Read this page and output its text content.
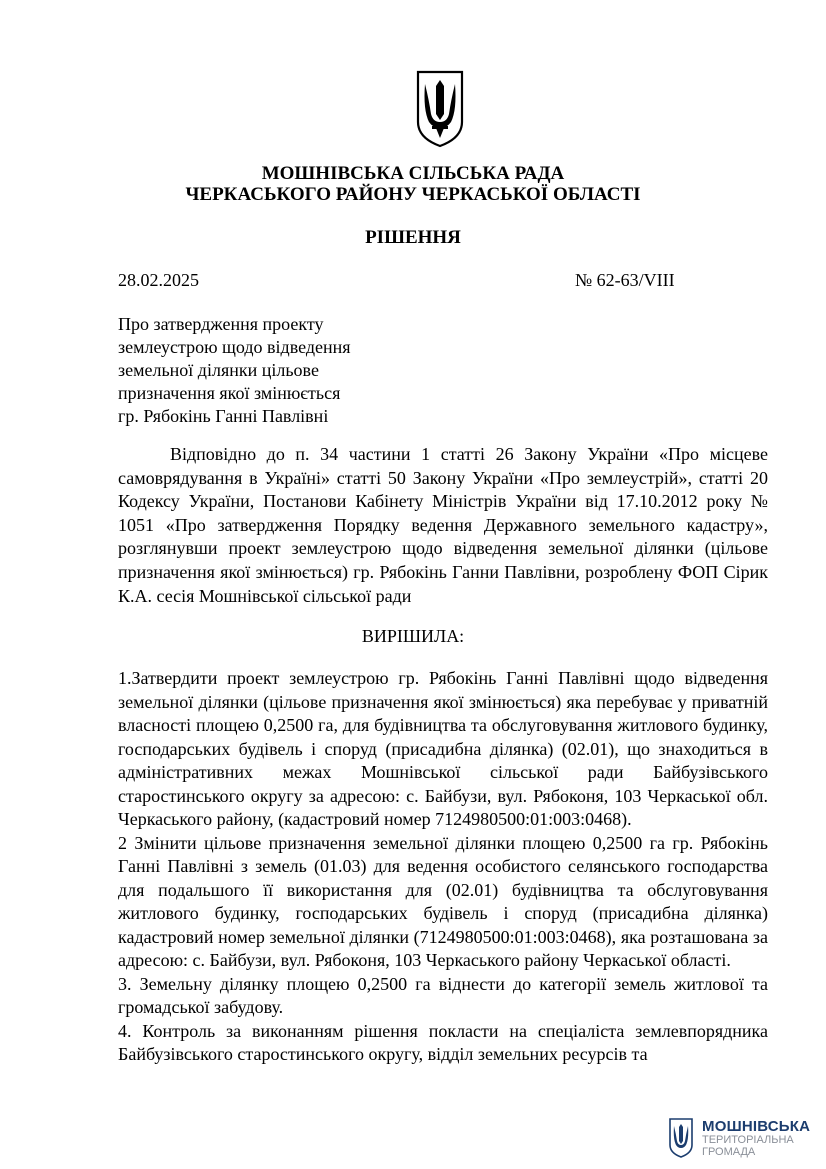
МОШНІВСЬКА СІЛЬСЬКА РАДА
ЧЕРКАСЬКОГО РАЙОНУ ЧЕРКАСЬКОЇ ОБЛАСТІ
РІШЕННЯ
28.02.2025	№ 62-63/VIII
Про затвердження проекту
землеустрою щодо відведення
земельної ділянки цільове
призначення якої змінюється
гр. Рябокінь Ганні Павлівні
Відповідно до п. 34 частини 1 статті 26 Закону України «Про місцеве самоврядування в Україні» статті 50 Закону України «Про землеустрій», статті 20 Кодексу України, Постанови Кабінету Міністрів України від 17.10.2012 року № 1051 «Про затвердження Порядку ведення Державного земельного кадастру», розглянувши проект землеустрою щодо відведення земельної ділянки (цільове призначення якої змінюється) гр. Рябокінь Ганни Павлівни, розроблену ФОП Сірик К.А. сесія Мошнівської сільської ради
ВИРІШИЛА:

1.Затвердити проект землеустрою гр. Рябокінь Ганні Павлівні щодо відведення земельної ділянки (цільове призначення якої змінюється) яка перебуває у приватній власності площею 0,2500 га, для будівництва та обслуговування житлового будинку, господарських будівель і споруд (присадибна ділянка) (02.01), що знаходиться в адміністративних межах Мошнівської сільської ради Байбузівського старостинського округу за адресою: с. Байбузи, вул. Рябоконя, 103 Черкаської обл. Черкаського району, (кадастровий номер 7124980500:01:003:0468).

2 Змінити цільове призначення земельної ділянки площею 0,2500 га гр. Рябокінь Ганні Павлівні з земель (01.03) для ведення особистого селянського господарства для подальшого її використання для (02.01) будівництва та обслуговування житлового будинку, господарських будівель і споруд (присадибна ділянка) кадастровий номер земельної ділянки (7124980500:01:003:0468), яка розташована за адресою: с. Байбузи, вул. Рябоконя, 103 Черкаського району Черкаської області.

3. Земельну ділянку площею 0,2500 га віднести до категорії земель житлової та громадської забудову.

4. Контроль за виконанням рішення покласти на спеціаліста землевпорядника Байбузівського старостинського округу, відділ земельних ресурсів та

МОШНІВСЬКА
ТЕРИТОРІАЛЬНА
ГРОМАДА
